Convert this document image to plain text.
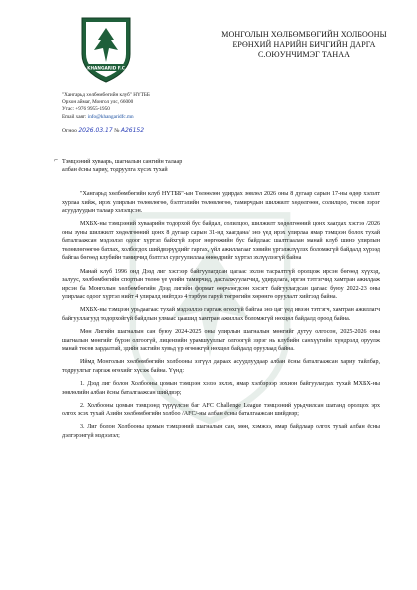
KHANGARID F.C
"Хангарьд хөлбөмбөгийн клуб" НҮТББ
Орхон аймаг, Монгол улс, 66000
Утас: +976 9955-1950
Email хаяг: info@khangaridfc.mn
Огноо 2026.03.17 № А26152
МОНГОЛЫН ХӨЛБӨМБӨГИЙН ХОЛБООНЫ
ЕРӨНХИЙ НАРИЙН БИЧГИЙН ДАРГА
С.ОЮУНЧИМЭГ ТАНАА
⌐ Тэмцээний хуваарь, шагналын сангийн талаар
албан ёсны хариу, тодруулга хүсэх тухай

"Хангарьд хөлбөмбөгийн клуб НҮТББ"-ын Төлөөлөн удирдах зөвлөл 2026 оны 8 дугаар сарын 17-ны өдөр хэлэлт хурлаа хийж, ирэх улирлын төлөвлөгөө, бэлтгэлийн төлөвлөгөө, тамирчдын шилжилт хөдөлгөөн, солилцоо, төсөв зэрэг асуудлуудын талаар хэлэлцсэн.

МХБХ-ны тэмцээний хуваарийн тодорхой бус байдал, солилцоо, шилжилт хөдөлгөөний цонх хаагдах хэсгээ /2026 оны зуны шилжилт хөдөлгөөний цонх 8 дугаар сарын 31-нд хаагдана/ энэ үед ирэх улирлаа ямар тэмцээн болох тухай баталгаажсан мэдээлэл одоог хүртэл байхгүй зэрэг нөргөжийн бус байдлааc шалтгаалан манай клуб шинэ улирлын төлөвлөгөөгөө батлах, холбогдох шийдвэрүүдийг гаргах, үйл ажиллагааг хэвийн үргэлжлүүлэх боломжгүй байдалд хүрээд байгаа бөгөөд клубийн тамирчид бэлтгэл сургуулиллаа өнөөдрийг хүртэл эхлүүлээгүй байна

Манай клуб 1996 онд Дээд лиг хэсгээр байгуулагдсан цагаас эхлэн тасралтгүй оролцож ирсэн бөгөөд хүүхэд, залуус, хөлбөмбөгийн спортын төлөө үе үеийн тамирчид, дасгалжуулагчид, удирдлага, иргэн тэтгэгчид хамтран ажилдаж ирсэн ба Монголын хөлбөмбөгийн Дээд лигийн формат өөрчлөгдсөн хэсэгт байгуулагдсан цагаас буюу 2022-23 оны улирлаас одоог хүртэл нийт 4 улиралд нийтдээ 4 тэрбум гаруй төгрөгийн хөрөнгө оруулалт хийгээд байна.

МХБХ-ны тэмцээн урьдаагаас тухай мэдээллээ гаргаж өгөхгүй байгаа энэ цаг үед ивээн тэтгэгч, хамтран ажиллагч байгууллагууд тодорхойгүй байдлын улмаас цаашид хамтран ажиллах боломжгүй нөхцөл байдалд ороод байна.

Мөн Лигийн шагналын сан буюу 2024-2025 оны улирлын шагналын мөнгийг дутуу олгосон, 2025-2026 оны шагналын мөнгийг бүрэн олгоогүй, лицензийн урамшууллыг олгоогүй зэрэг нь клубийн санхүүгийн хүндрэлд оруулж манай төсөв зардалтай, здийн засгийн хувьд үр өгөөжгүй нөхцөл байдалд оруулаад байна.

Иймд Монголын хөлбөмбөгийн холбооны эзгүүл дараах асуудлуудаар албан ёсны баталгаажсан хариу тайлбар, тодруулгыг гаргаж өгөхийг хүсэж байна. Үүнд:

1. Дээд лиг болон Холбооны цомын тэмцээн хэзээ эхлэх, ямар хэлбэрээр зохион байгуулагдах тухай МХБХ-ны зөвлөлийн албан ёсны баталгаажсан шийдвэр;

2. Холбооны цомын тэмцээнд түрүүлсэн баг AFC Challenge League тэмцээний урьдчилсан шатанд оролцох эрх олгох эсэх тухай Азийн хөлбөмбөгийн холбоо /AFC/-ны албан ёсны баталгаажсан шийдвэр;

3. Лиг болон Холбооны цомын тэмцээний шагналын сан, мөн, хэмжээ, ямар байдлаар олгох тухай албан ёсны дэлгэрэнгүй мэдээлэл;
